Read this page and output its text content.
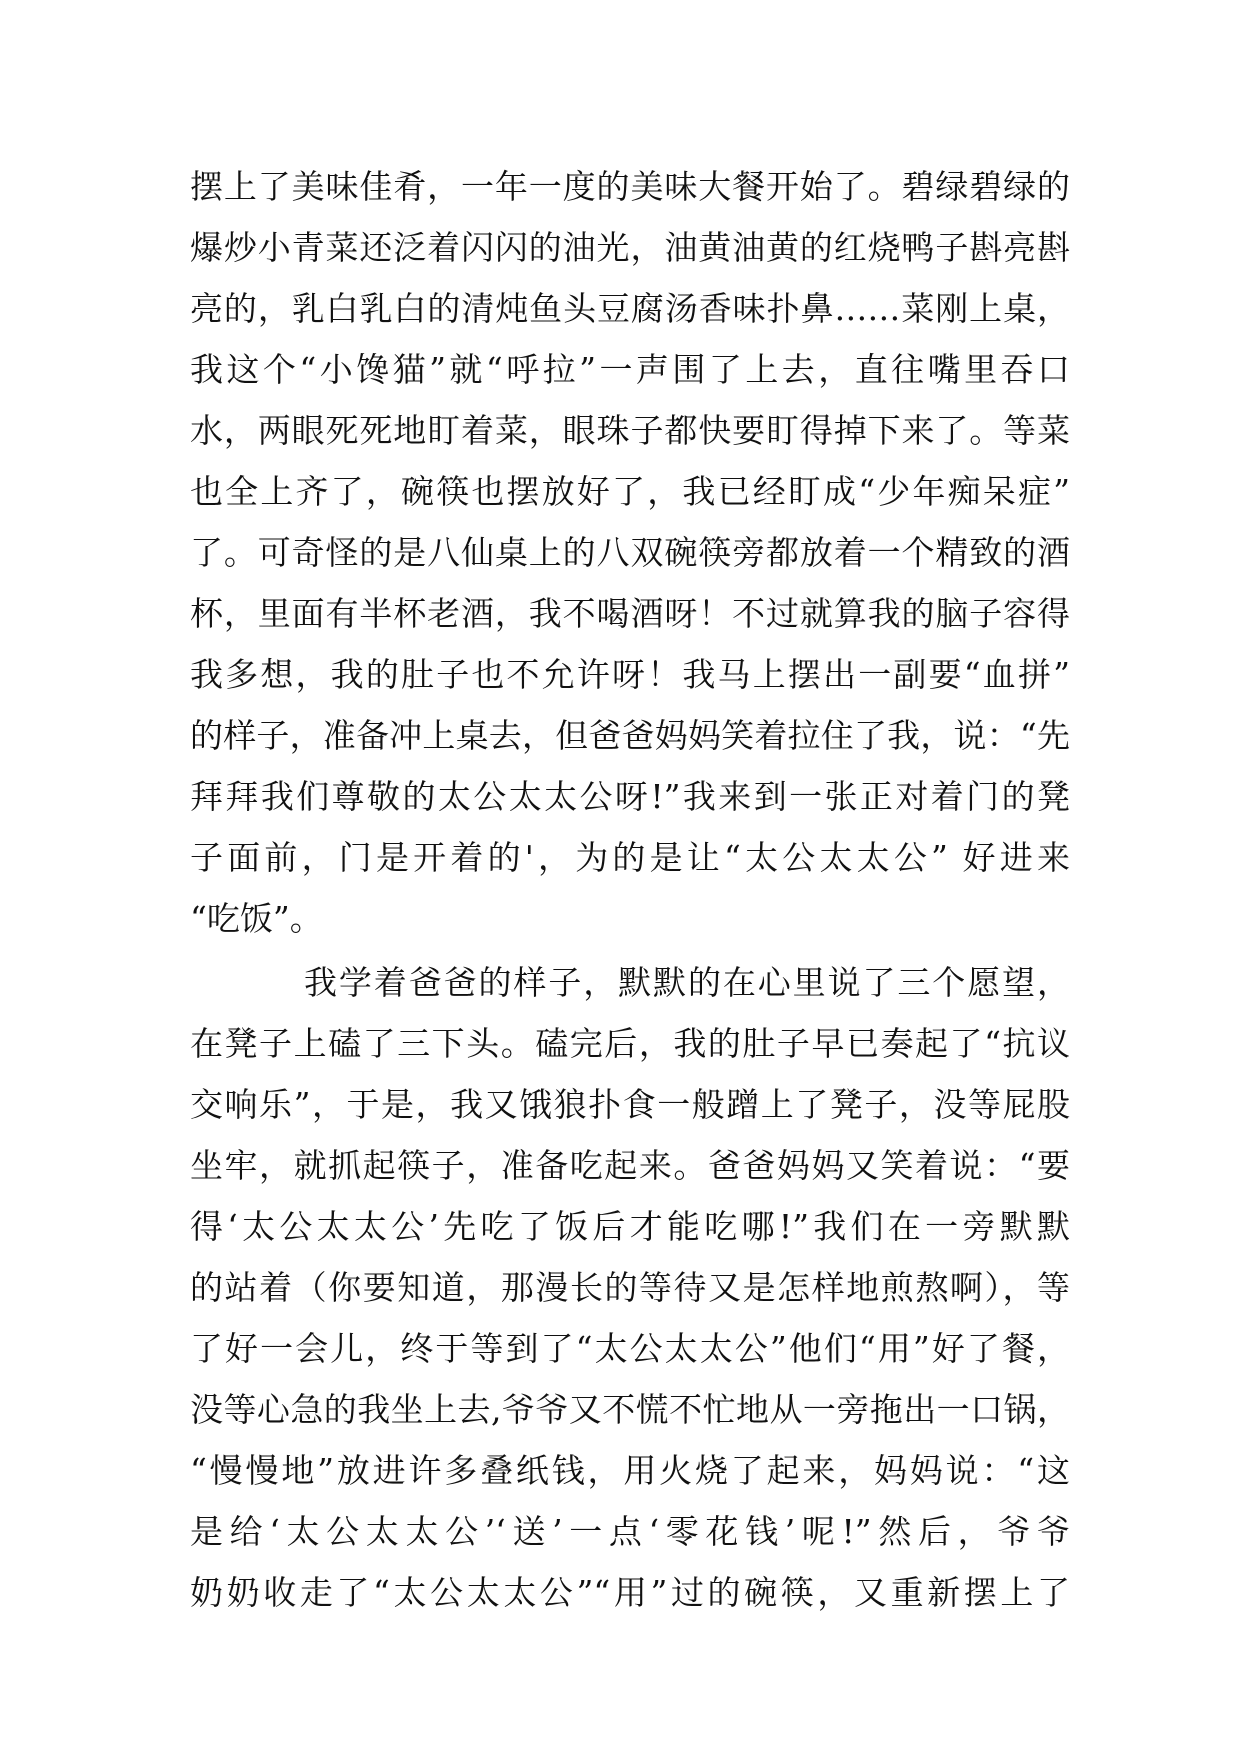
摆上了美味佳肴，一年一度的美味大餐开始了。碧绿碧绿的
爆炒小青菜还泛着闪闪的油光，油黄油黄的红烧鸭子斟亮斟
亮的，乳白乳白的清炖鱼头豆腐汤香味扑鼻……菜刚上桌，
我这个“小馋猫”就“呼拉”一声围了上去，直往嘴里吞口
水，两眼死死地盯着菜，眼珠子都快要盯得掉下来了。等菜
也全上齐了，碗筷也摆放好了，我已经盯成“少年痴呆症”
了。可奇怪的是八仙桌上的八双碗筷旁都放着一个精致的酒
杯，里面有半杯老酒，我不喝酒呀！不过就算我的脑子容得
我多想，我的肚子也不允许呀！我马上摆出一副要“血拼”
的样子，准备冲上桌去，但爸爸妈妈笑着拉住了我，说：“先
拜拜我们尊敬的太公太太公呀!”我来到一张正对着门的凳
子面前，门是开着的'，为的是让“太公太太公” 好进来
“吃饭”。
我学着爸爸的样子，默默的在心里说了三个愿望，
在凳子上磕了三下头。磕完后，我的肚子早已奏起了“抗议
交响乐”，于是，我又饿狼扑食一般蹭上了凳子，没等屁股
坐牢，就抓起筷子，准备吃起来。爸爸妈妈又笑着说：“要
得‘太公太太公’先吃了饭后才能吃哪!”我们在一旁默默
的站着（你要知道，那漫长的等待又是怎样地煎熬啊），等
了好一会儿，终于等到了“太公太太公”他们“用”好了餐，
没等心急的我坐上去,爷爷又不慌不忙地从一旁拖出一口锅，
“慢慢地”放进许多叠纸钱，用火烧了起来，妈妈说：“这
是给‘太公太太公’‘送’一点‘零花钱’呢!”然后，爷爷
奶奶收走了“太公太太公”“用”过的碗筷，又重新摆上了
